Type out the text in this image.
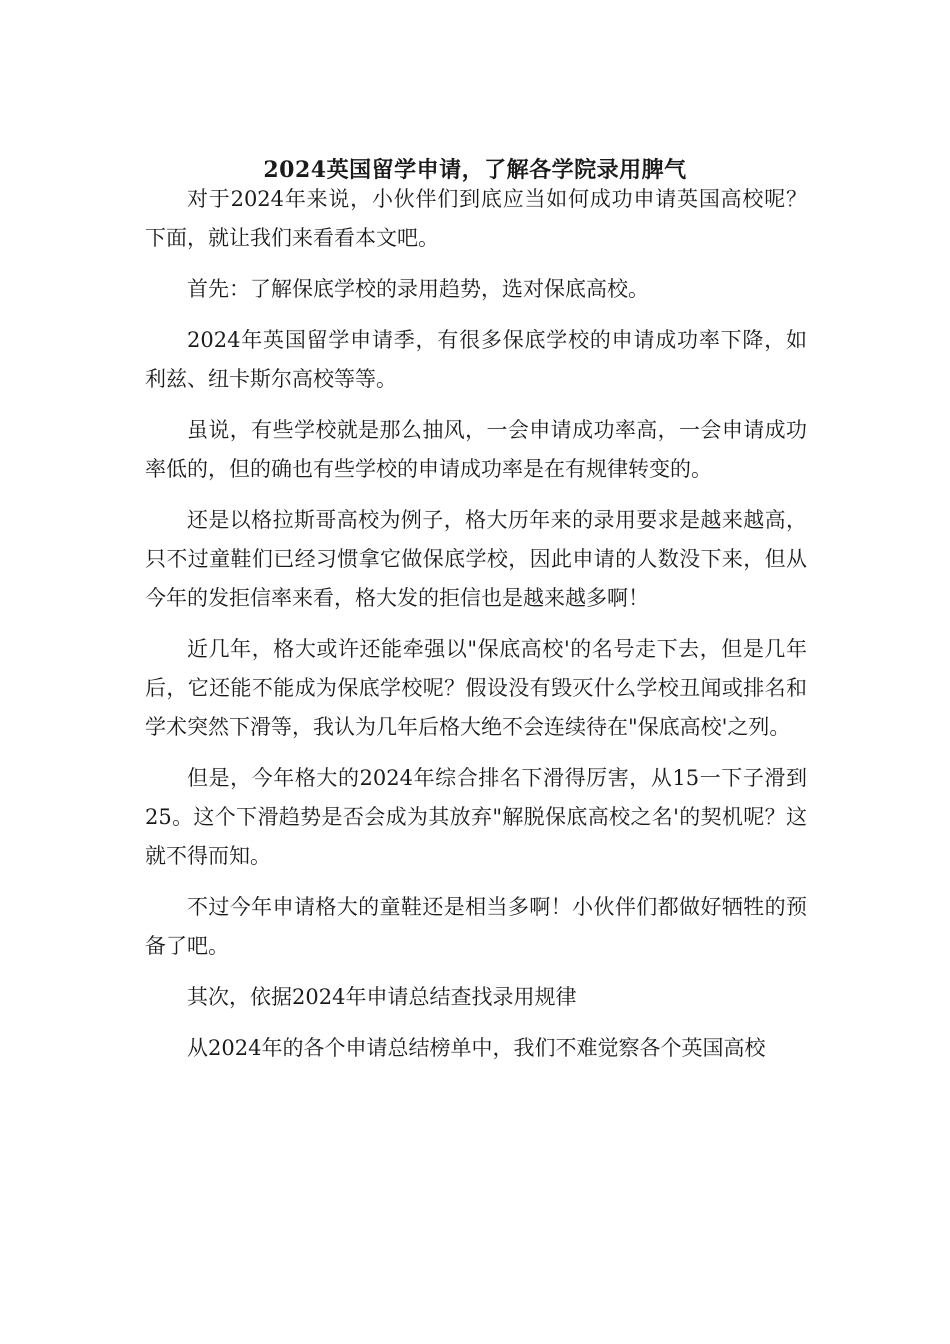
2024英国留学申请，了解各学院录用脾气

对于2024年来说，小伙伴们到底应当如何成功申请英国高校呢？下面，就让我们来看看本文吧。

首先：了解保底学校的录用趋势，选对保底高校。

2024年英国留学申请季，有很多保底学校的申请成功率下降，如利兹、纽卡斯尔高校等等。

虽说，有些学校就是那么抽风，一会申请成功率高，一会申请成功率低的，但的确也有些学校的申请成功率是在有规律转变的。

还是以格拉斯哥高校为例子，格大历年来的录用要求是越来越高，只不过童鞋们已经习惯拿它做保底学校，因此申请的人数没下来，但从今年的发拒信率来看，格大发的拒信也是越来越多啊！

近几年，格大或许还能牵强以"保底高校'的名号走下去，但是几年后，它还能不能成为保底学校呢？假设没有毁灭什么学校丑闻或排名和学术突然下滑等，我认为几年后格大绝不会连续待在"保底高校'之列。

但是，今年格大的2024年综合排名下滑得厉害，从15一下子滑到25。这个下滑趋势是否会成为其放弃"解脱保底高校之名'的契机呢？这就不得而知。

不过今年申请格大的童鞋还是相当多啊！小伙伴们都做好牺牲的预备了吧。

其次，依据2024年申请总结查找录用规律

从2024年的各个申请总结榜单中，我们不难觉察各个英国高校
